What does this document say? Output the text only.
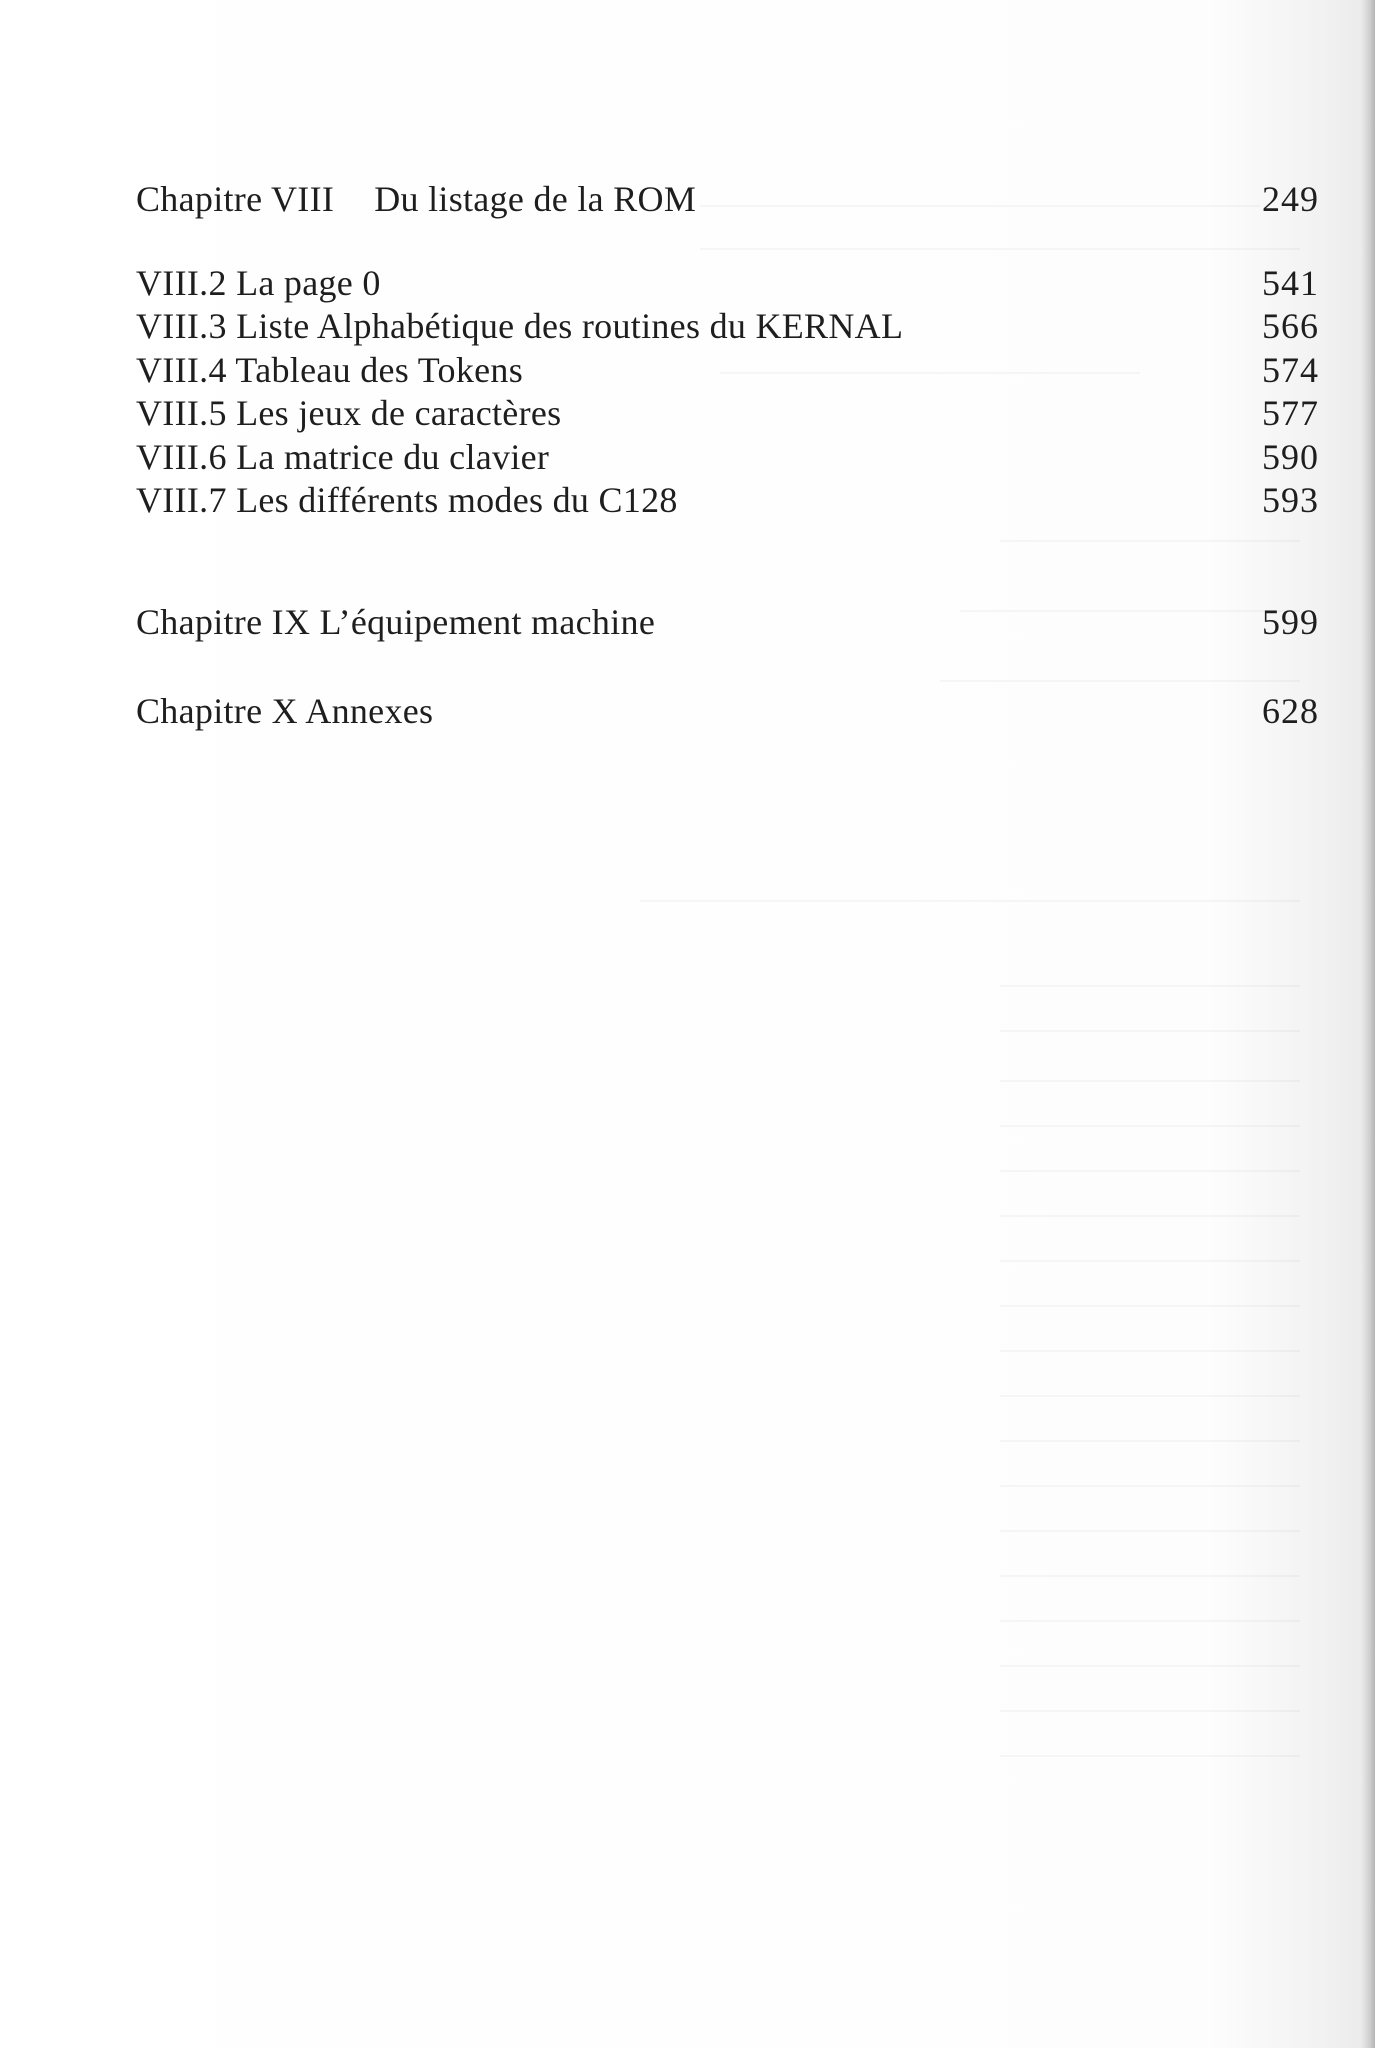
Chapitre VIII Du listage de la ROM	249
VIII.2 La page 0	541
VIII.3 Liste Alphabétique des routines du KERNAL	566
VIII.4 Tableau des Tokens	574
VIII.5 Les jeux de caractères	577
VIII.6 La matrice du clavier	590
VIII.7 Les différents modes du C128	593
Chapitre IX L’équipement machine	599
Chapitre X Annexes	628
